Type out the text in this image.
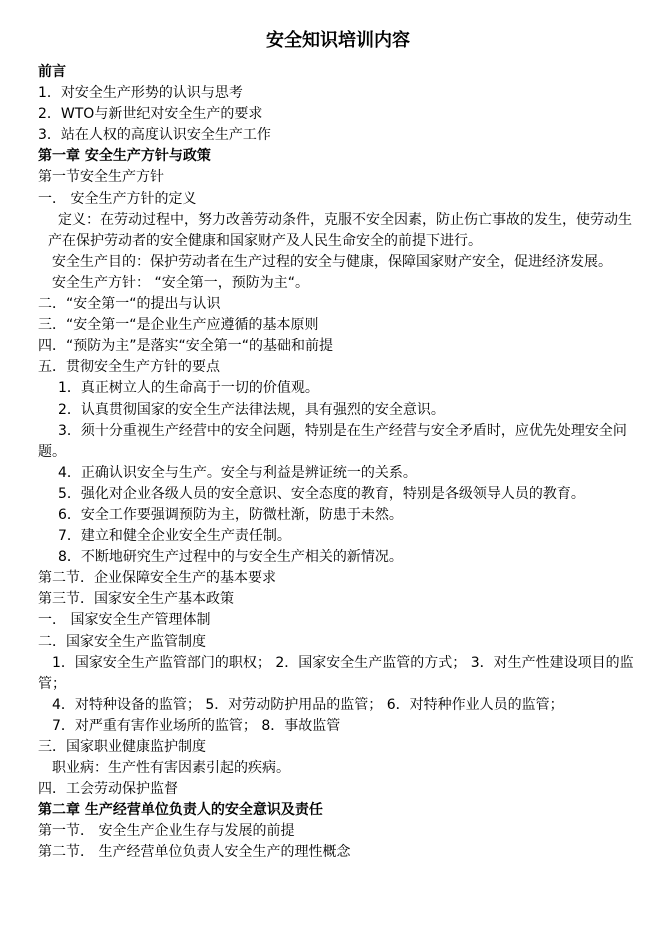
安全知识培训内容
前言
1．对安全生产形势的认识与思考
2．WTO与新世纪对安全生产的要求
3．站在人权的高度认识安全生产工作
第一章 安全生产方针与政策
第一节安全生产方针
一． 安全生产方针的定义
定义：在劳动过程中，努力改善劳动条件，克服不安全因素，防止伤亡事故的发生，使劳动生产在保护劳动者的安全健康和国家财产及人民生命安全的前提下进行。
安全生产目的：保护劳动者在生产过程的安全与健康，保障国家财产安全，促进经济发展。
安全生产方针： “安全第一，预防为主“。
二．“安全第一“的提出与认识
三．“安全第一“是企业生产应遵循的基本原则
四．“预防为主”是落实“安全第一“的基础和前提
五．贯彻安全生产方针的要点
1．真正树立人的生命高于一切的价值观。
2．认真贯彻国家的安全生产法律法规，具有强烈的安全意识。
3．须十分重视生产经营中的安全问题，特别是在生产经营与安全矛盾时，应优先处理安全问题。
4．正确认识安全与生产。安全与利益是辨证统一的关系。
5．强化对企业各级人员的安全意识、安全态度的教育，特别是各级领导人员的教育。
6．安全工作要强调预防为主，防微杜渐，防患于未然。
7．建立和健全企业安全生产责任制。
8．不断地研究生产过程中的与安全生产相关的新情况。
第二节．企业保障安全生产的基本要求
第三节．国家安全生产基本政策
一． 国家安全生产管理体制
二．国家安全生产监管制度
1．国家安全生产监管部门的职权； 2．国家安全生产监管的方式； 3．对生产性建设项目的监管；
4．对特种设备的监管； 5．对劳动防护用品的监管； 6．对特种作业人员的监管；
7．对严重有害作业场所的监管； 8．事故监管
三．国家职业健康监护制度
职业病：生产性有害因素引起的疾病。
四．工会劳动保护监督
第二章 生产经营单位负责人的安全意识及责任
第一节． 安全生产企业生存与发展的前提
第二节． 生产经营单位负责人安全生产的理性概念
